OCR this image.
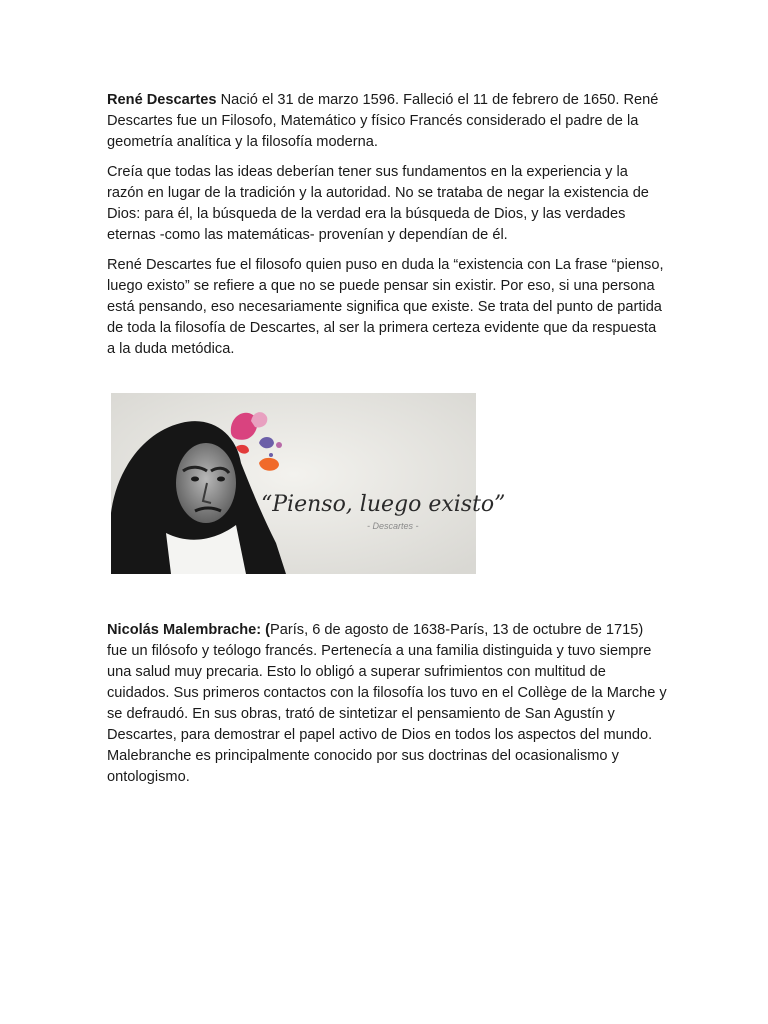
René Descartes Nació el 31 de marzo 1596. Falleció el 11 de febrero de 1650. René Descartes fue un Filosofo, Matemático y físico Francés considerado el padre de la geometría analítica y la filosofía moderna.

Creía que todas las ideas deberían tener sus fundamentos en la experiencia y la razón en lugar de la tradición y la autoridad. No se trataba de negar la existencia de Dios: para él, la búsqueda de la verdad era la búsqueda de Dios, y las verdades eternas -como las matemáticas- provenían y dependían de él.

René Descartes fue el filosofo quien puso en duda la “existencia con La frase “pienso, luego existo” se refiere a que no se puede pensar sin existir. Por eso, si una persona está pensando, eso necesariamente significa que existe. Se trata del punto de partida de toda la filosofía de Descartes, al ser la primera certeza evidente que da respuesta a la duda metódica.

“Pienso, luego existo”
- Descartes -

Nicolás Malembrache: (París, 6 de agosto de 1638-París, 13 de octubre de 1715) fue un filósofo y teólogo francés. Pertenecía a una familia distinguida y tuvo siempre una salud muy precaria. Esto lo obligó a superar sufrimientos con multitud de cuidados. Sus primeros contactos con la filosofía los tuvo en el Collège de la Marche y se defraudó. En sus obras, trató de sintetizar el pensamiento de San Agustín y Descartes, para demostrar el papel activo de Dios en todos los aspectos del mundo. Malebranche es principalmente conocido por sus doctrinas del ocasionalismo y ontologismo.
